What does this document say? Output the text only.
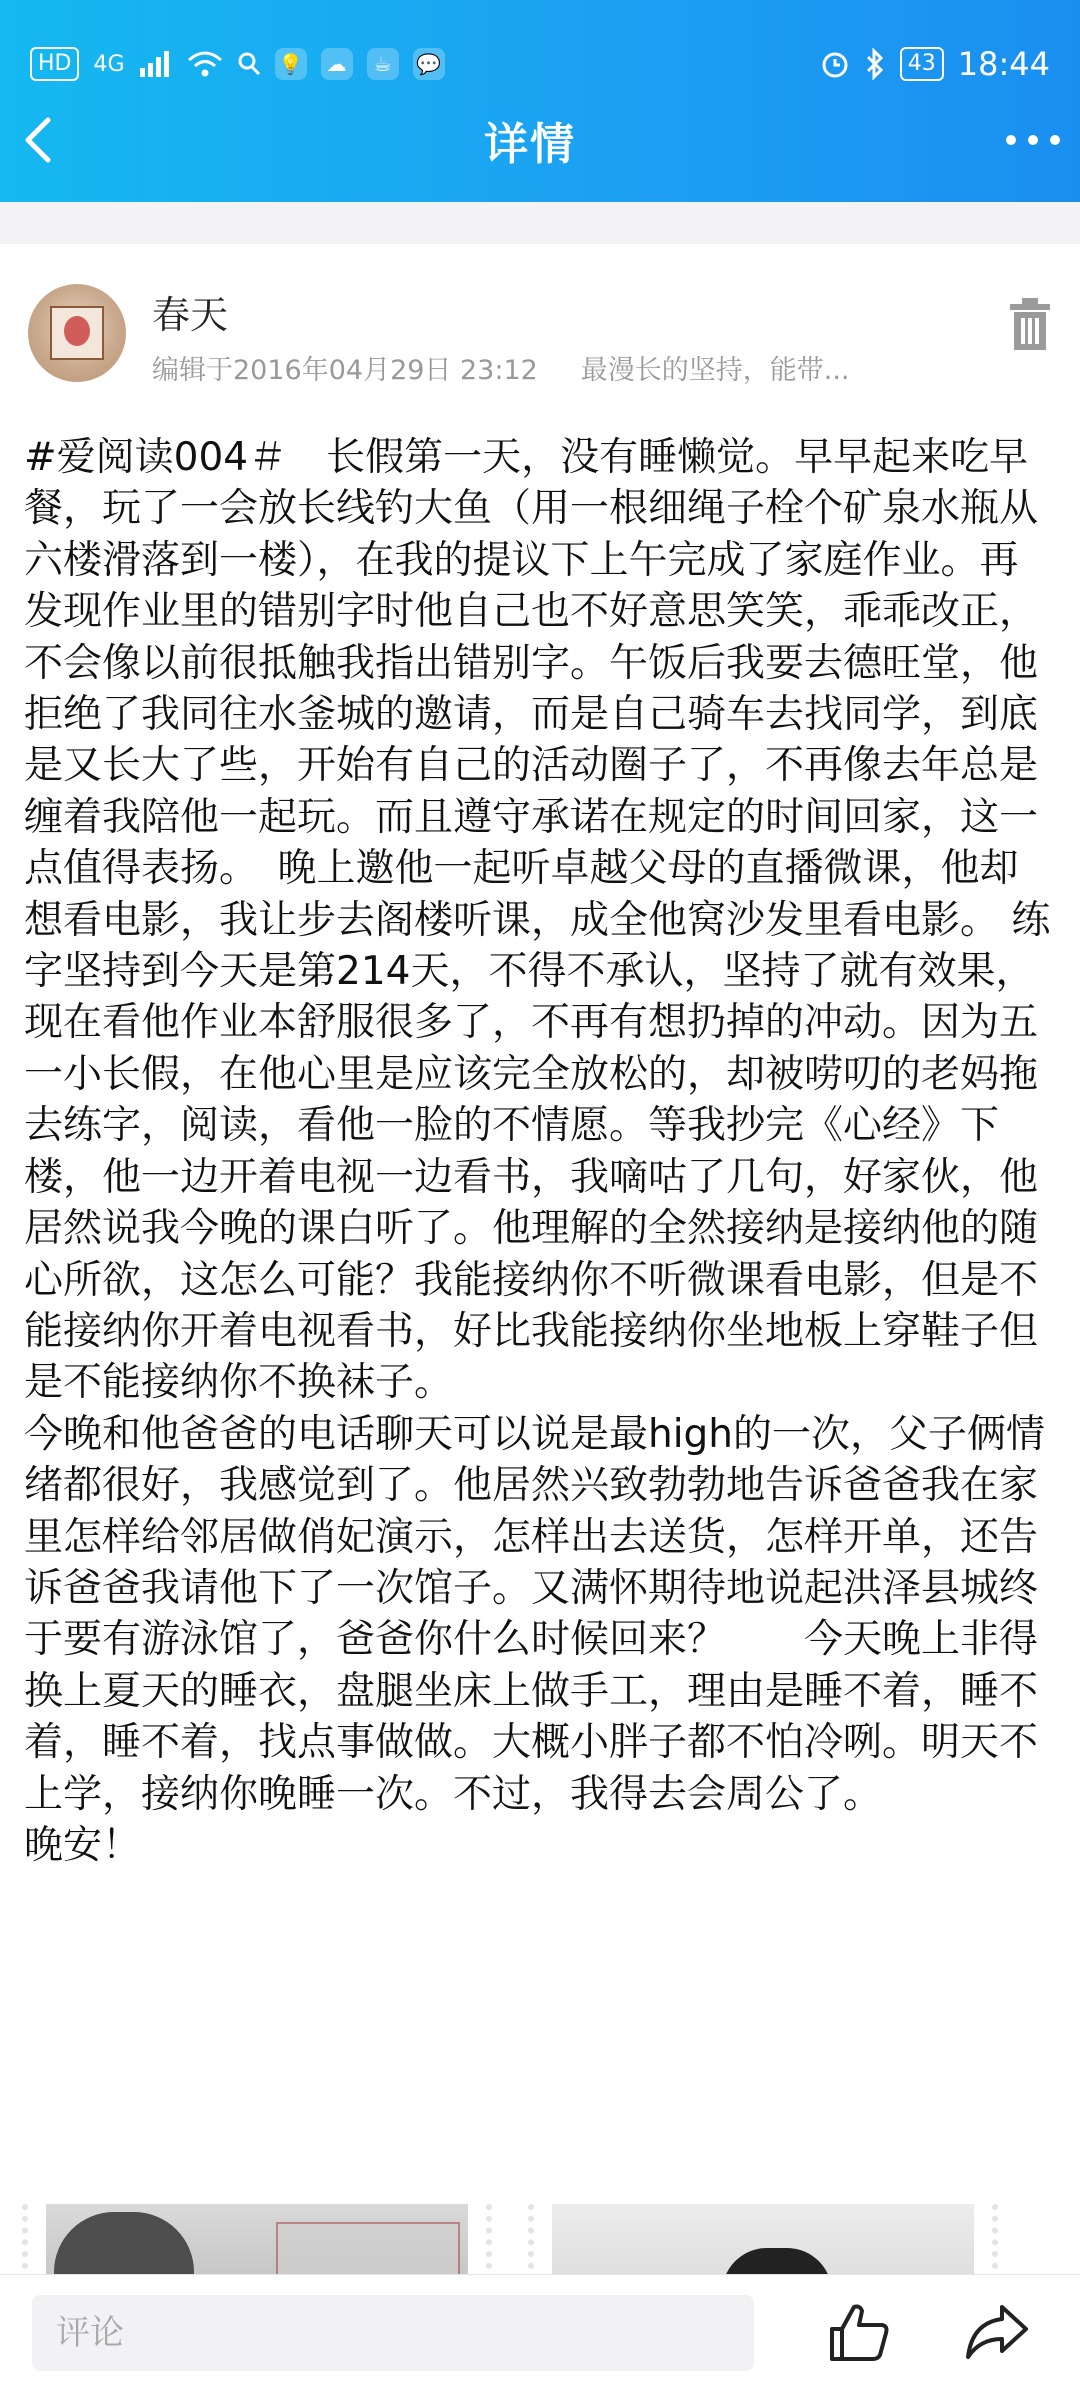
HD	4G	💡	☁	☕	💬	43 18:44
详情
春天
编辑于2016年04月29日 23:12 最漫长的坚持，能带...
#爱阅读004＃　长假第一天，没有睡懒觉。早早起来吃早餐，玩了一会放长线钓大鱼（用一根细绳子栓个矿泉水瓶从六楼滑落到一楼），在我的提议下上午完成了家庭作业。再发现作业里的错别字时他自己也不好意思笑笑，乖乖改正，不会像以前很抵触我指出错别字。午饭后我要去德旺堂，他拒绝了我同往水釜城的邀请，而是自己骑车去找同学，到底是又长大了些，开始有自己的活动圈子了，不再像去年总是缠着我陪他一起玩。而且遵守承诺在规定的时间回家，这一点值得表扬。　晚上邀他一起听卓越父母的直播微课，他却想看电影，我让步去阁楼听课，成全他窝沙发里看电影。 练字坚持到今天是第214天，不得不承认，坚持了就有效果，现在看他作业本舒服很多了，不再有想扔掉的冲动。因为五一小长假，在他心里是应该完全放松的，却被唠叨的老妈拖去练字，阅读，看他一脸的不情愿。等我抄完《心经》下楼，他一边开着电视一边看书，我嘀咕了几句，好家伙，他居然说我今晚的课白听了。他理解的全然接纳是接纳他的随心所欲，这怎么可能？我能接纳你不听微课看电影，但是不能接纳你开着电视看书，好比我能接纳你坐地板上穿鞋子但是不能接纳你不换袜子。
今晚和他爸爸的电话聊天可以说是最high的一次，父子俩情绪都很好，我感觉到了。他居然兴致勃勃地告诉爸爸我在家里怎样给邻居做俏妃演示，怎样出去送货，怎样开单，还告诉爸爸我请他下了一次馆子。又满怀期待地说起洪泽县城终于要有游泳馆了，爸爸你什么时候回来？　　今天晚上非得换上夏天的睡衣，盘腿坐床上做手工，理由是睡不着，睡不着，睡不着，找点事做做。大概小胖子都不怕冷咧。明天不上学，接纳你晚睡一次。不过，我得去会周公了。
晚安！
评论
